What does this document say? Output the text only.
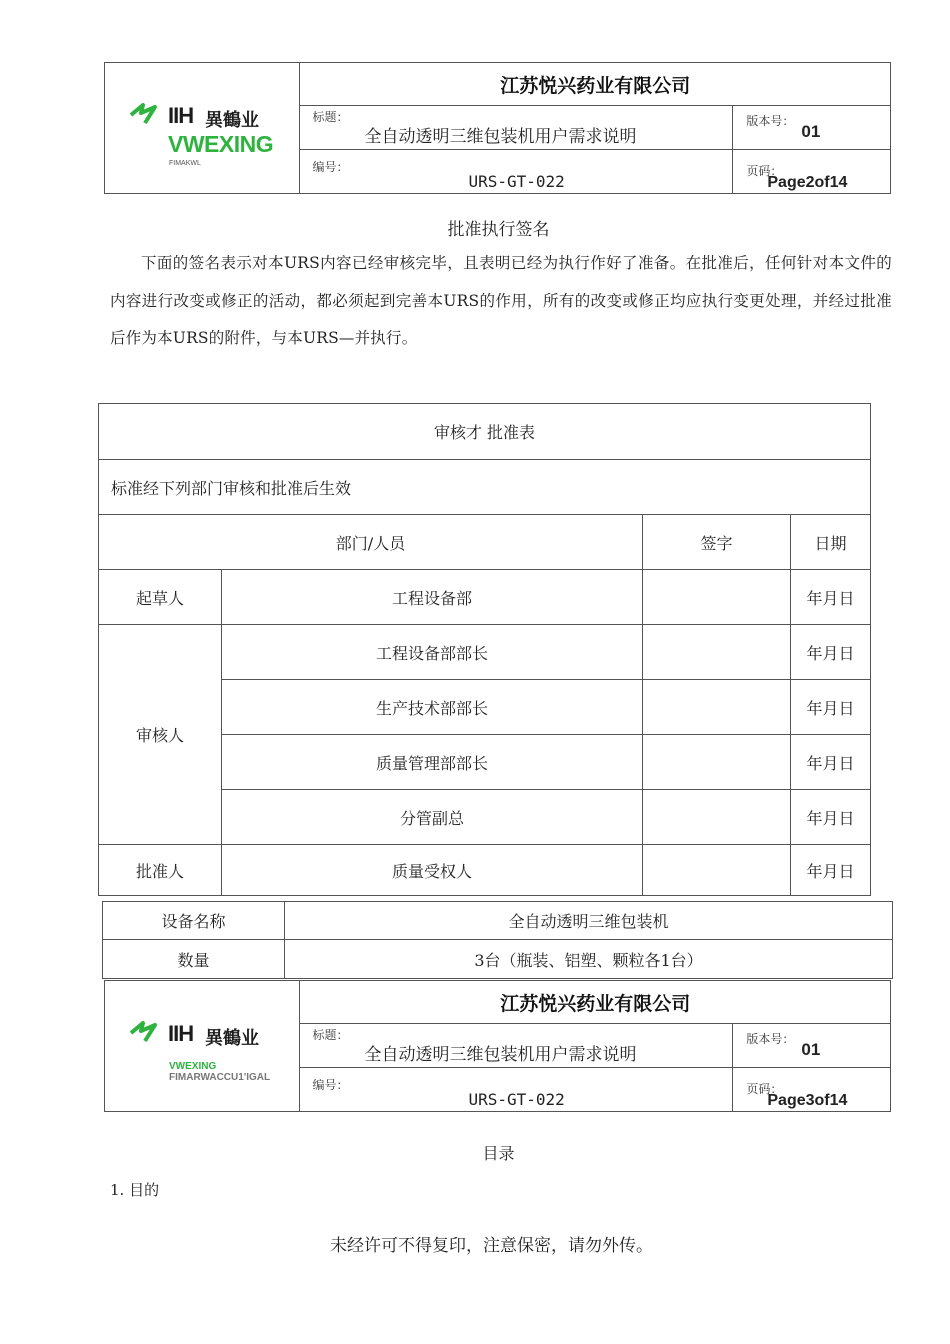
IIH 異鶴业
VWEXING
FIMAKWL	江苏悦兴药业有限公司	

	标题：
全自动透明三维包装机用户需求说明	版本号：
01

	编号：
URS-GT-022	页码：
Page2of14
批准执行签名
下面的签名表示对本URS内容已经审核完毕，且表明已经为执行作好了准备。在批准后，任何针对本文件的内容进行改变或修正的活动，都必须起到完善本URS的作用，所有的改变或修正均应执行变更处理，并经过批准后作为本URS的附件，与本URS—并执行。
审核才 批准表			
标准经下列部门审核和批准后生效			
部门/人员		签字	日期
起草人	工程设备部		年月日
审核人	工程设备部部长		年月日
	生产技术部部长		年月日
	质量管理部部长		年月日
	分管副总		年月日
批准人	质量受权人		年月日
设备名称	全自动透明三维包装机
数量	3台（瓶装、铝塑、颗粒各1台）
IIH 異鶴业
VWEXING
FIMARWACCU1'IGAL	江苏悦兴药业有限公司	

	标题：
全自动透明三维包装机用户需求说明	版本号：
01

	编号：
URS-GT-022	页码：
Page3of14
目录
1. 目的
未经许可不得复印，注意保密，请勿外传。
